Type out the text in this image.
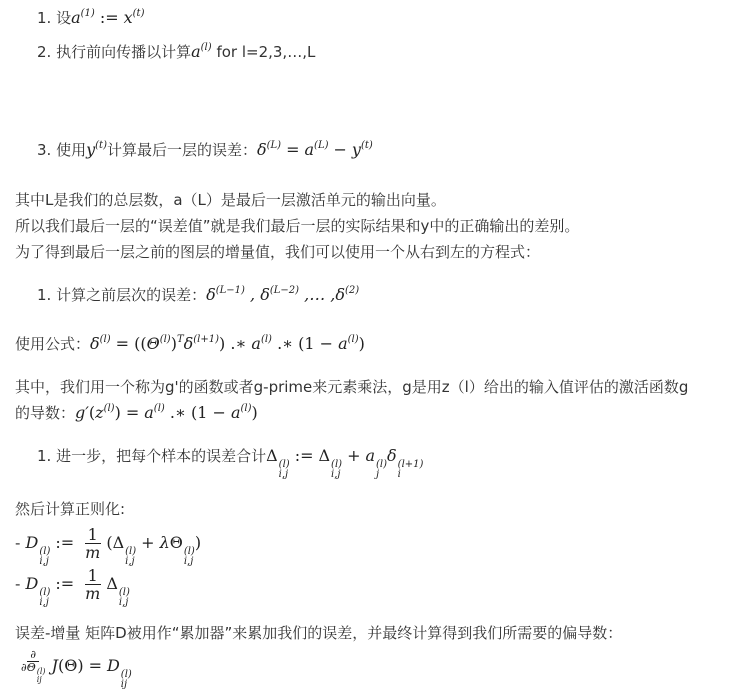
1. 设$a^{(1)}$ := $x^{(t)}$
2. 执行前向传播以计算$a^{(l)}$ for l=2,3,…,L
3. 使用$y^{(t)}$计算最后一层的误差：$\delta^{(L)} = a^{(L)} - y^{(t)}$
其中L是我们的总层数，a（L）是最后一层激活单元的输出向量。
所以我们最后一层的“误差值”就是我们最后一层的实际结果和y中的正确输出的差别。
为了得到最后一层之前的图层的增量值，我们可以使用一个从右到左的方程式：
1. 计算之前层次的误差：$\delta^{(L-1)}$ , $\delta^{(L-2)}$ ,… $,\delta^{(2)}$
使用公式：$\delta^{(l)} = ((\Theta^{(l)})^T\delta^{(l+1)})$ .∗ $a^{(l)}$ .∗ $(1 - a^{(l)})$
其中，我们用一个称为g'的函数或者g-prime来元素乘法，g是用z（l）给出的输入值评估的激活函数g
的导数：$g'(z^{(l)}) = a^{(l)}$ .∗ $(1 - a^{(l)})$
1. 进一步，把每个样本的误差合计Δ (l)
i,j
:= Δ (l)
i,j
+ a (l)
j
δ (l+1)
i
然后计算正则化:
- D (l)
i,j
:= $\frac{1}{m} (\Delta$ (l)
i,j
+ λΘ (l)
i,j
)
- D (l)
i,j
:= $\frac{1}{m}$ Δ (l)
i,j
误差-增量 矩阵D被用作“累加器”来累加我们的误差，并最终计算得到我们所需要的偏导数：
∂
∂Θ (l)
ij J(Θ) = D (l)
ij
